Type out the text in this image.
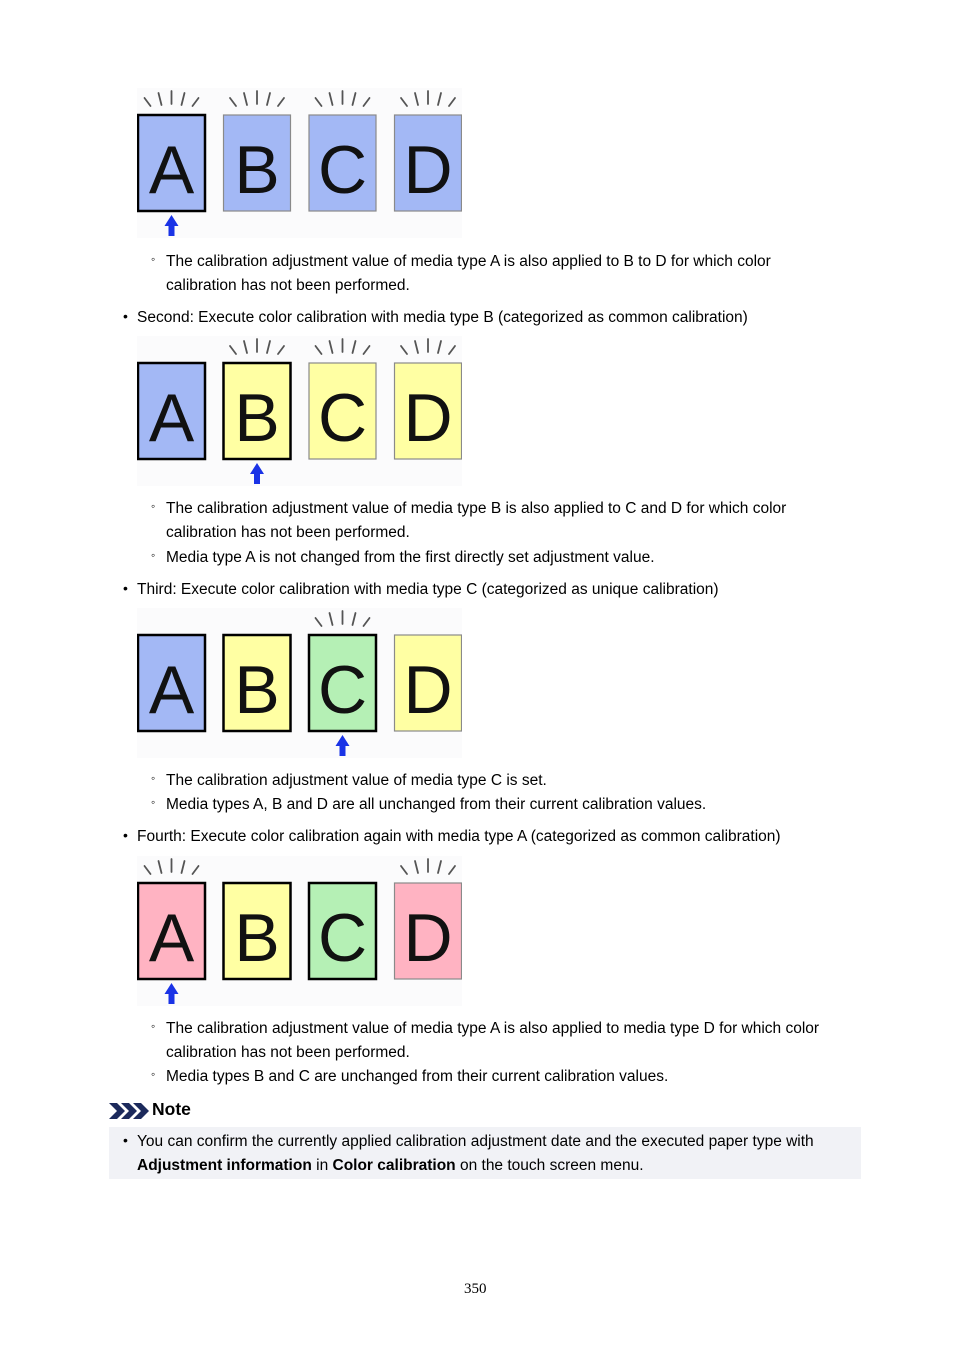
A B C D
◦ The calibration adjustment value of media type A is also applied to B to D for which color
calibration has not been performed.
• Second: Execute color calibration with media type B (categorized as common calibration)
A B C D
◦ The calibration adjustment value of media type B is also applied to C and D for which color
calibration has not been performed.
◦ Media type A is not changed from the first directly set adjustment value.
• Third: Execute color calibration with media type C (categorized as unique calibration)
A B C D
◦ The calibration adjustment value of media type C is set.
◦ Media types A, B and D are all unchanged from their current calibration values.
• Fourth: Execute color calibration again with media type A (categorized as common calibration)
A B C D
◦ The calibration adjustment value of media type A is also applied to media type D for which color
calibration has not been performed.
◦ Media types B and C are unchanged from their current calibration values.
Note
• You can confirm the currently applied calibration adjustment date and the executed paper type with
Adjustment information in Color calibration on the touch screen menu.
350
